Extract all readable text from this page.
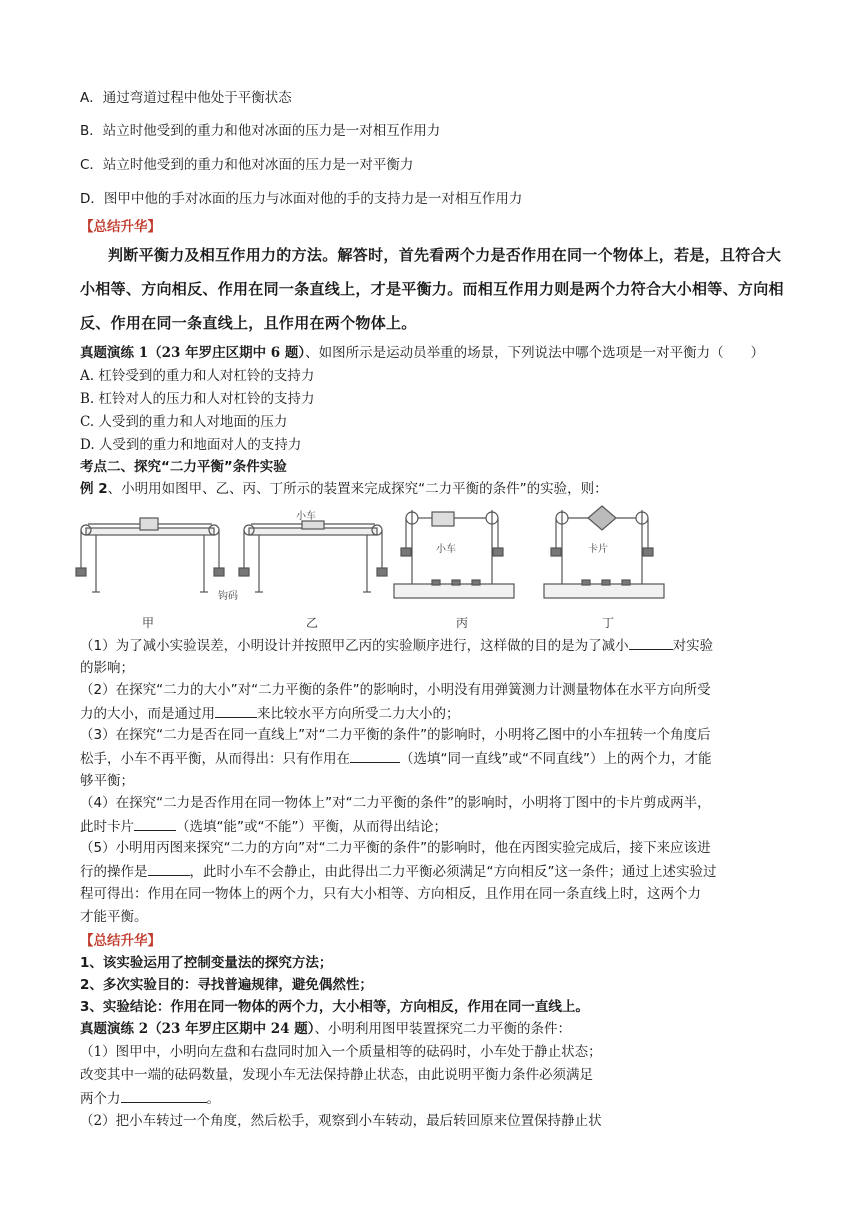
A．通过弯道过程中他处于平衡状态
B．站立时他受到的重力和他对冰面的压力是一对相互作用力
C．站立时他受到的重力和他对冰面的压力是一对平衡力
D．图甲中他的手对冰面的压力与冰面对他的手的支持力是一对相互作用力
【总结升华】
判断平衡力及相互作用力的方法。解答时，首先看两个力是否作用在同一个物体上，若是，且符合大
小相等、方向相反、作用在同一条直线上，才是平衡力。而相互作用力则是两个力符合大小相等、方向相
反、作用在同一条直线上，且作用在两个物体上。
真题演练 1（23 年罗庄区期中 6 题）、如图所示是运动员举重的场景，下列说法中哪个选项是一对平衡力（　　）
A. 杠铃受到的重力和人对杠铃的支持力
B. 杠铃对人的压力和人对杠铃的支持力
C. 人受到的重力和人对地面的压力
D. 人受到的重力和地面对人的支持力
考点二、探究“二力平衡”条件实验
例 2、小明用如图甲、乙、丙、丁所示的装置来完成探究“二力平衡的条件”的实验，则：
小车
小车	卡片
钩码
甲	乙	丙	丁
（1）为了减小实验误差，小明设计并按照甲乙丙的实验顺序进行，这样做的目的是为了减小	对实验
的影响；
（2）在探究“二力的大小”对“二力平衡的条件”的影响时，小明没有用弹簧测力计测量物体在水平方向所受
力的大小，而是通过用	来比较水平方向所受二力大小的；
（3）在探究“二力是否在同一直线上”对“二力平衡的条件”的影响时，小明将乙图中的小车扭转一个角度后
松手，小车不再平衡，从而得出：只有作用在	（选填“同一直线”或“不同直线”）上的两个力，才能
够平衡；
（4）在探究“二力是否作用在同一物体上”对“二力平衡的条件”的影响时，小明将丁图中的卡片剪成两半，
此时卡片	（选填“能”或“不能”）平衡，从而得出结论；
（5）小明用丙图来探究“二力的方向”对“二力平衡的条件”的影响时，他在丙图实验完成后，接下来应该进
行的操作是	，此时小车不会静止，由此得出二力平衡必须满足“方向相反”这一条件；通过上述实验过
程可得出：作用在同一物体上的两个力，只有大小相等、方向相反，且作用在同一条直线上时，这两个力
才能平衡。
【总结升华】
1、该实验运用了控制变量法的探究方法；
2、多次实验目的：寻找普遍规律，避免偶然性；
3、实验结论：作用在同一物体的两个力，大小相等，方向相反，作用在同一直线上。
真题演练 2（23 年罗庄区期中 24 题）、小明利用图甲装置探究二力平衡的条件：
（1）图甲中，小明向左盘和右盘同时加入一个质量相等的砝码时，小车处于静止状态；
改变其中一端的砝码数量，发现小车无法保持静止状态，由此说明平衡力条件必须满足
两个力	。
（2）把小车转过一个角度，然后松手，观察到小车转动，最后转回原来位置保持静止状
